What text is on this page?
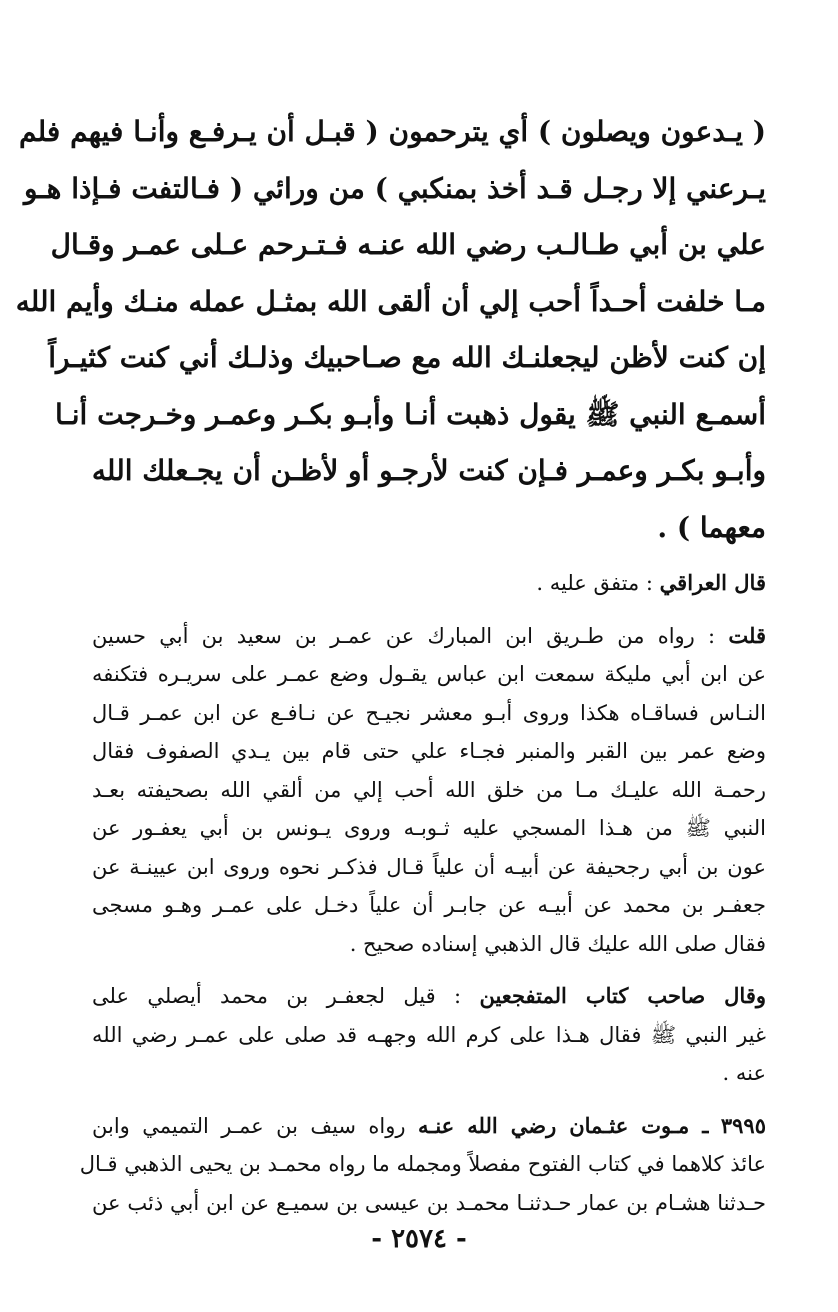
( يـدعون ويصلون ) أي يترحمون ( قبـل أن يـرفـع وأنـا فيهم فلم
يـرعني إلا رجـل قـد أخذ بمنكبي ) من ورائي ( فـالتفت فـإذا هـو
علي بن أبي طـالـب رضي الله عنـه فـتـرحم عـلى عمـر وقـال
مـا خلفت أحـداً أحب إلي أن ألقى الله بمثـل عمله منـك وأيم الله
إن كنت لأظن ليجعلنـك الله مع صـاحبيك وذلـك أني كنت كثيـراً
أسمـع النبي ﷺ يقول ذهبت أنـا وأبـو بكـر وعمـر وخـرجت أنـا
وأبـو بكـر وعمـر فـإن كنت لأرجـو أو لأظـن أن يجـعلك الله
معهما ) .
قال العراقي : متفق عليه .
قلت : رواه من طـريق ابن المبارك عن عمـر بن سعيد بن أبي حسين
عن ابن أبي مليكة سمعت ابن عباس يقـول وضع عمـر على سريـره فتكنفه
النـاس فساقـاه هكذا وروى أبـو معشر نجيـح عن نـافـع عن ابن عمـر قـال
وضع عمر بين القبر والمنبر فجـاء علي حتى قام بين يـدي الصفوف فقال
رحمـة الله عليـك مـا من خلق الله أحب إلي من ألقي الله بصحيفته بعـد
النبي ﷺ من هـذا المسجي عليه ثـوبـه وروى يـونس بن أبي يعفـور عن
عون بن أبي رجحيفة عن أبيـه أن علياً قـال فذكـر نحوه وروى ابن عيينـة عن
جعفـر بن محمد عن أبيـه عن جابـر أن علياً دخـل على عمـر وهـو مسجى
فقال صلى الله عليك قال الذهبي إسناده صحيح .
وقال صاحب كتاب المتفجعين : قيل لجعفـر بن محمد أيصلي على
غير النبي ﷺ فقال هـذا على كرم الله وجهـه قد صلى على عمـر رضي الله
عنه .
٣٩٩٥ ـ مـوت عثـمان رضي الله عنـه رواه سيف بن عمـر التميمي وابن
عائذ كلاهما في كتاب الفتوح مفصلاً ومجمله ما رواه محمـد بن يحيى الذهبي قـال
حـدثنا هشـام بن عمار حـدثنـا محمـد بن عيسى بن سميـع عن ابن أبي ذئب عن
- ٢٥٧٤ -
